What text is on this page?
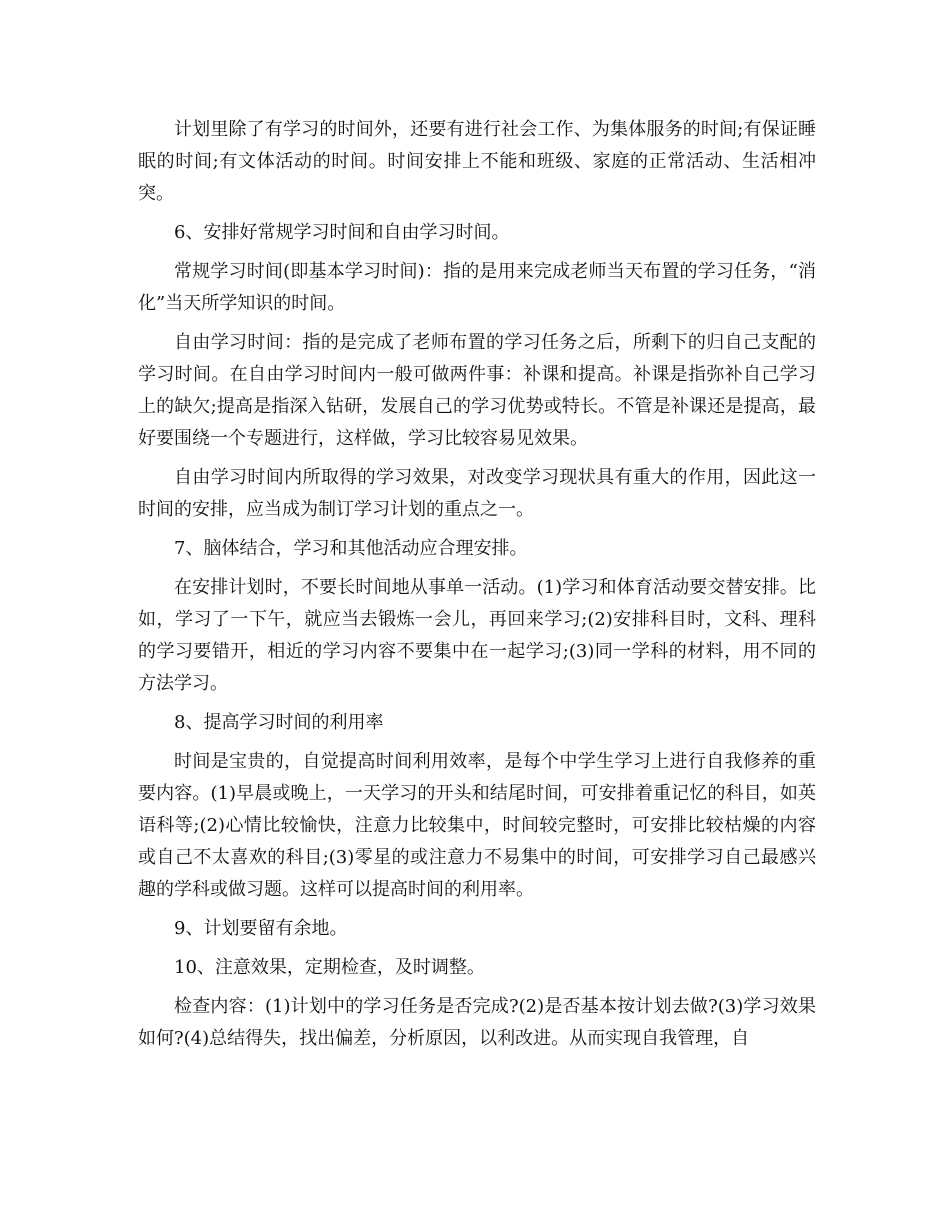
计划里除了有学习的时间外，还要有进行社会工作、为集体服务的时间;有保证睡眠的时间;有文体活动的时间。时间安排上不能和班级、家庭的正常活动、生活相冲突。

6、安排好常规学习时间和自由学习时间。

常规学习时间(即基本学习时间)：指的是用来完成老师当天布置的学习任务，“消化”当天所学知识的时间。

自由学习时间：指的是完成了老师布置的学习任务之后，所剩下的归自己支配的学习时间。在自由学习时间内一般可做两件事：补课和提高。补课是指弥补自己学习上的缺欠;提高是指深入钻研，发展自己的学习优势或特长。不管是补课还是提高，最好要围绕一个专题进行，这样做，学习比较容易见效果。

自由学习时间内所取得的学习效果，对改变学习现状具有重大的作用，因此这一时间的安排，应当成为制订学习计划的重点之一。

7、脑体结合，学习和其他活动应合理安排。

在安排计划时，不要长时间地从事单一活动。(1)学习和体育活动要交替安排。比如，学习了一下午，就应当去锻炼一会儿，再回来学习;(2)安排科目时，文科、理科的学习要错开，相近的学习内容不要集中在一起学习;(3)同一学科的材料，用不同的方法学习。

8、提高学习时间的利用率

时间是宝贵的，自觉提高时间利用效率，是每个中学生学习上进行自我修养的重要内容。(1)早晨或晚上，一天学习的开头和结尾时间，可安排着重记忆的科目，如英语科等;(2)心情比较愉快，注意力比较集中，时间较完整时，可安排比较枯燥的内容或自己不太喜欢的科目;(3)零星的或注意力不易集中的时间，可安排学习自己最感兴趣的学科或做习题。这样可以提高时间的利用率。

9、计划要留有余地。

10、注意效果，定期检查，及时调整。

检查内容：(1)计划中的学习任务是否完成?(2)是否基本按计划去做?(3)学习效果如何?(4)总结得失，找出偏差，分析原因，以利改进。从而实现自我管理，自
